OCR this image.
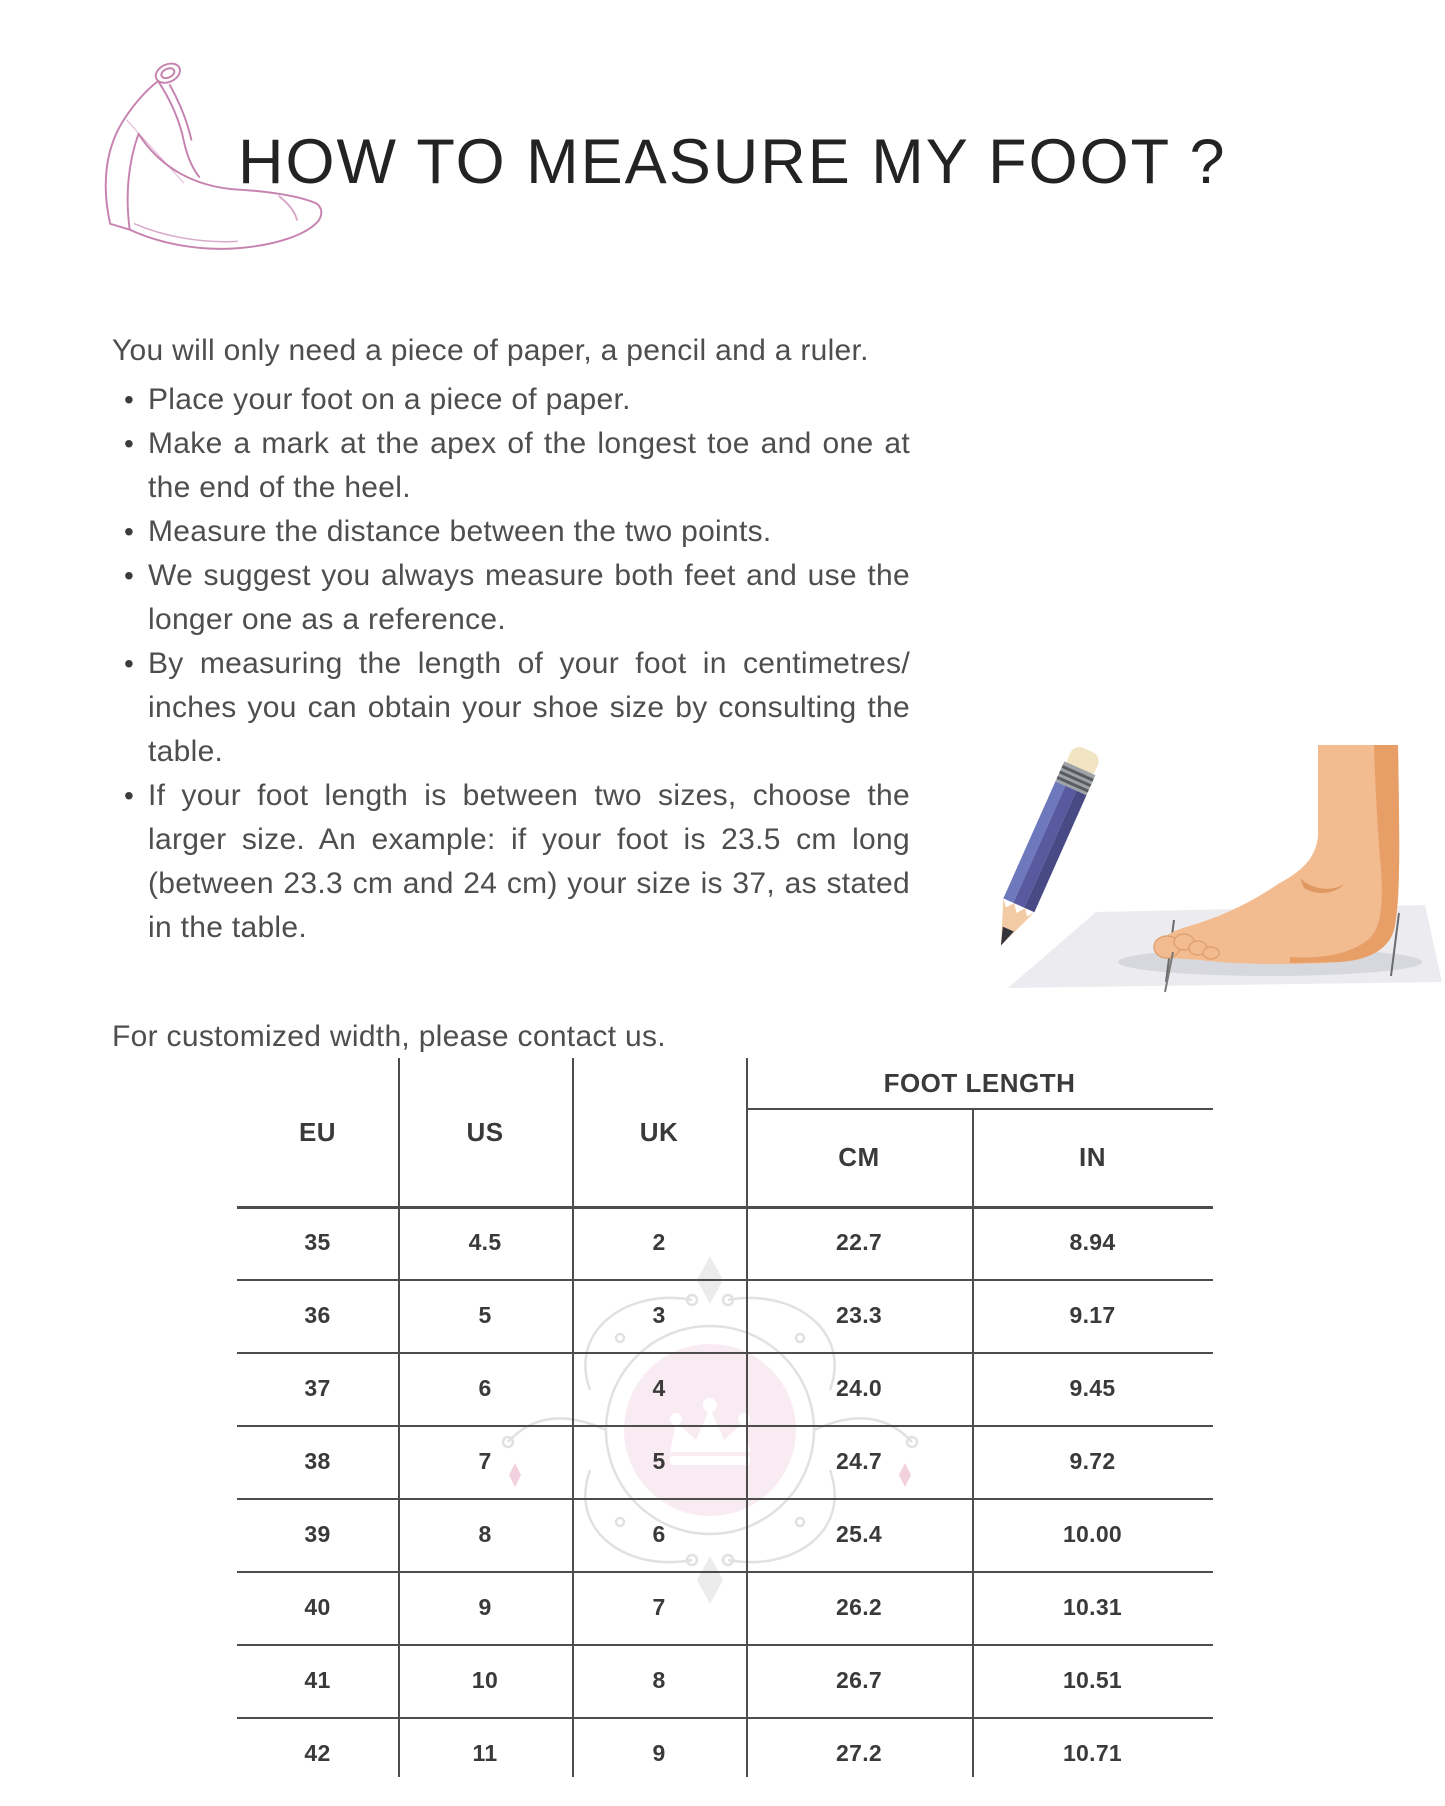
HOW TO MEASURE MY FOOT ?

You will only need a piece of paper, a pencil and a ruler.

• Place your foot on a piece of paper.
• Make a mark at the apex of the longest toe and one at the end of the heel.
• Measure the distance between the two points.
• We suggest you always measure both feet and use the longer one as a reference.
• By measuring the length of your foot in centimetres/ inches you can obtain your shoe size by consulting the table.
• If your foot length is between two sizes, choose the larger size. An example: if your foot is 23.5 cm long (between 23.3 cm and 24 cm) your size is 37, as stated in the table.

For customized width, please contact us.

FOOT LENGTH
EU	US	UK
CM	IN
35	4.5	2	22.7	8.94
36	5	3	23.3	9.17
37	6	4	24.0	9.45
38	7	5	24.7	9.72
39	8	6	25.4	10.00
40	9	7	26.2	10.31
41	10	8	26.7	10.51
42	11	9	27.2	10.71
